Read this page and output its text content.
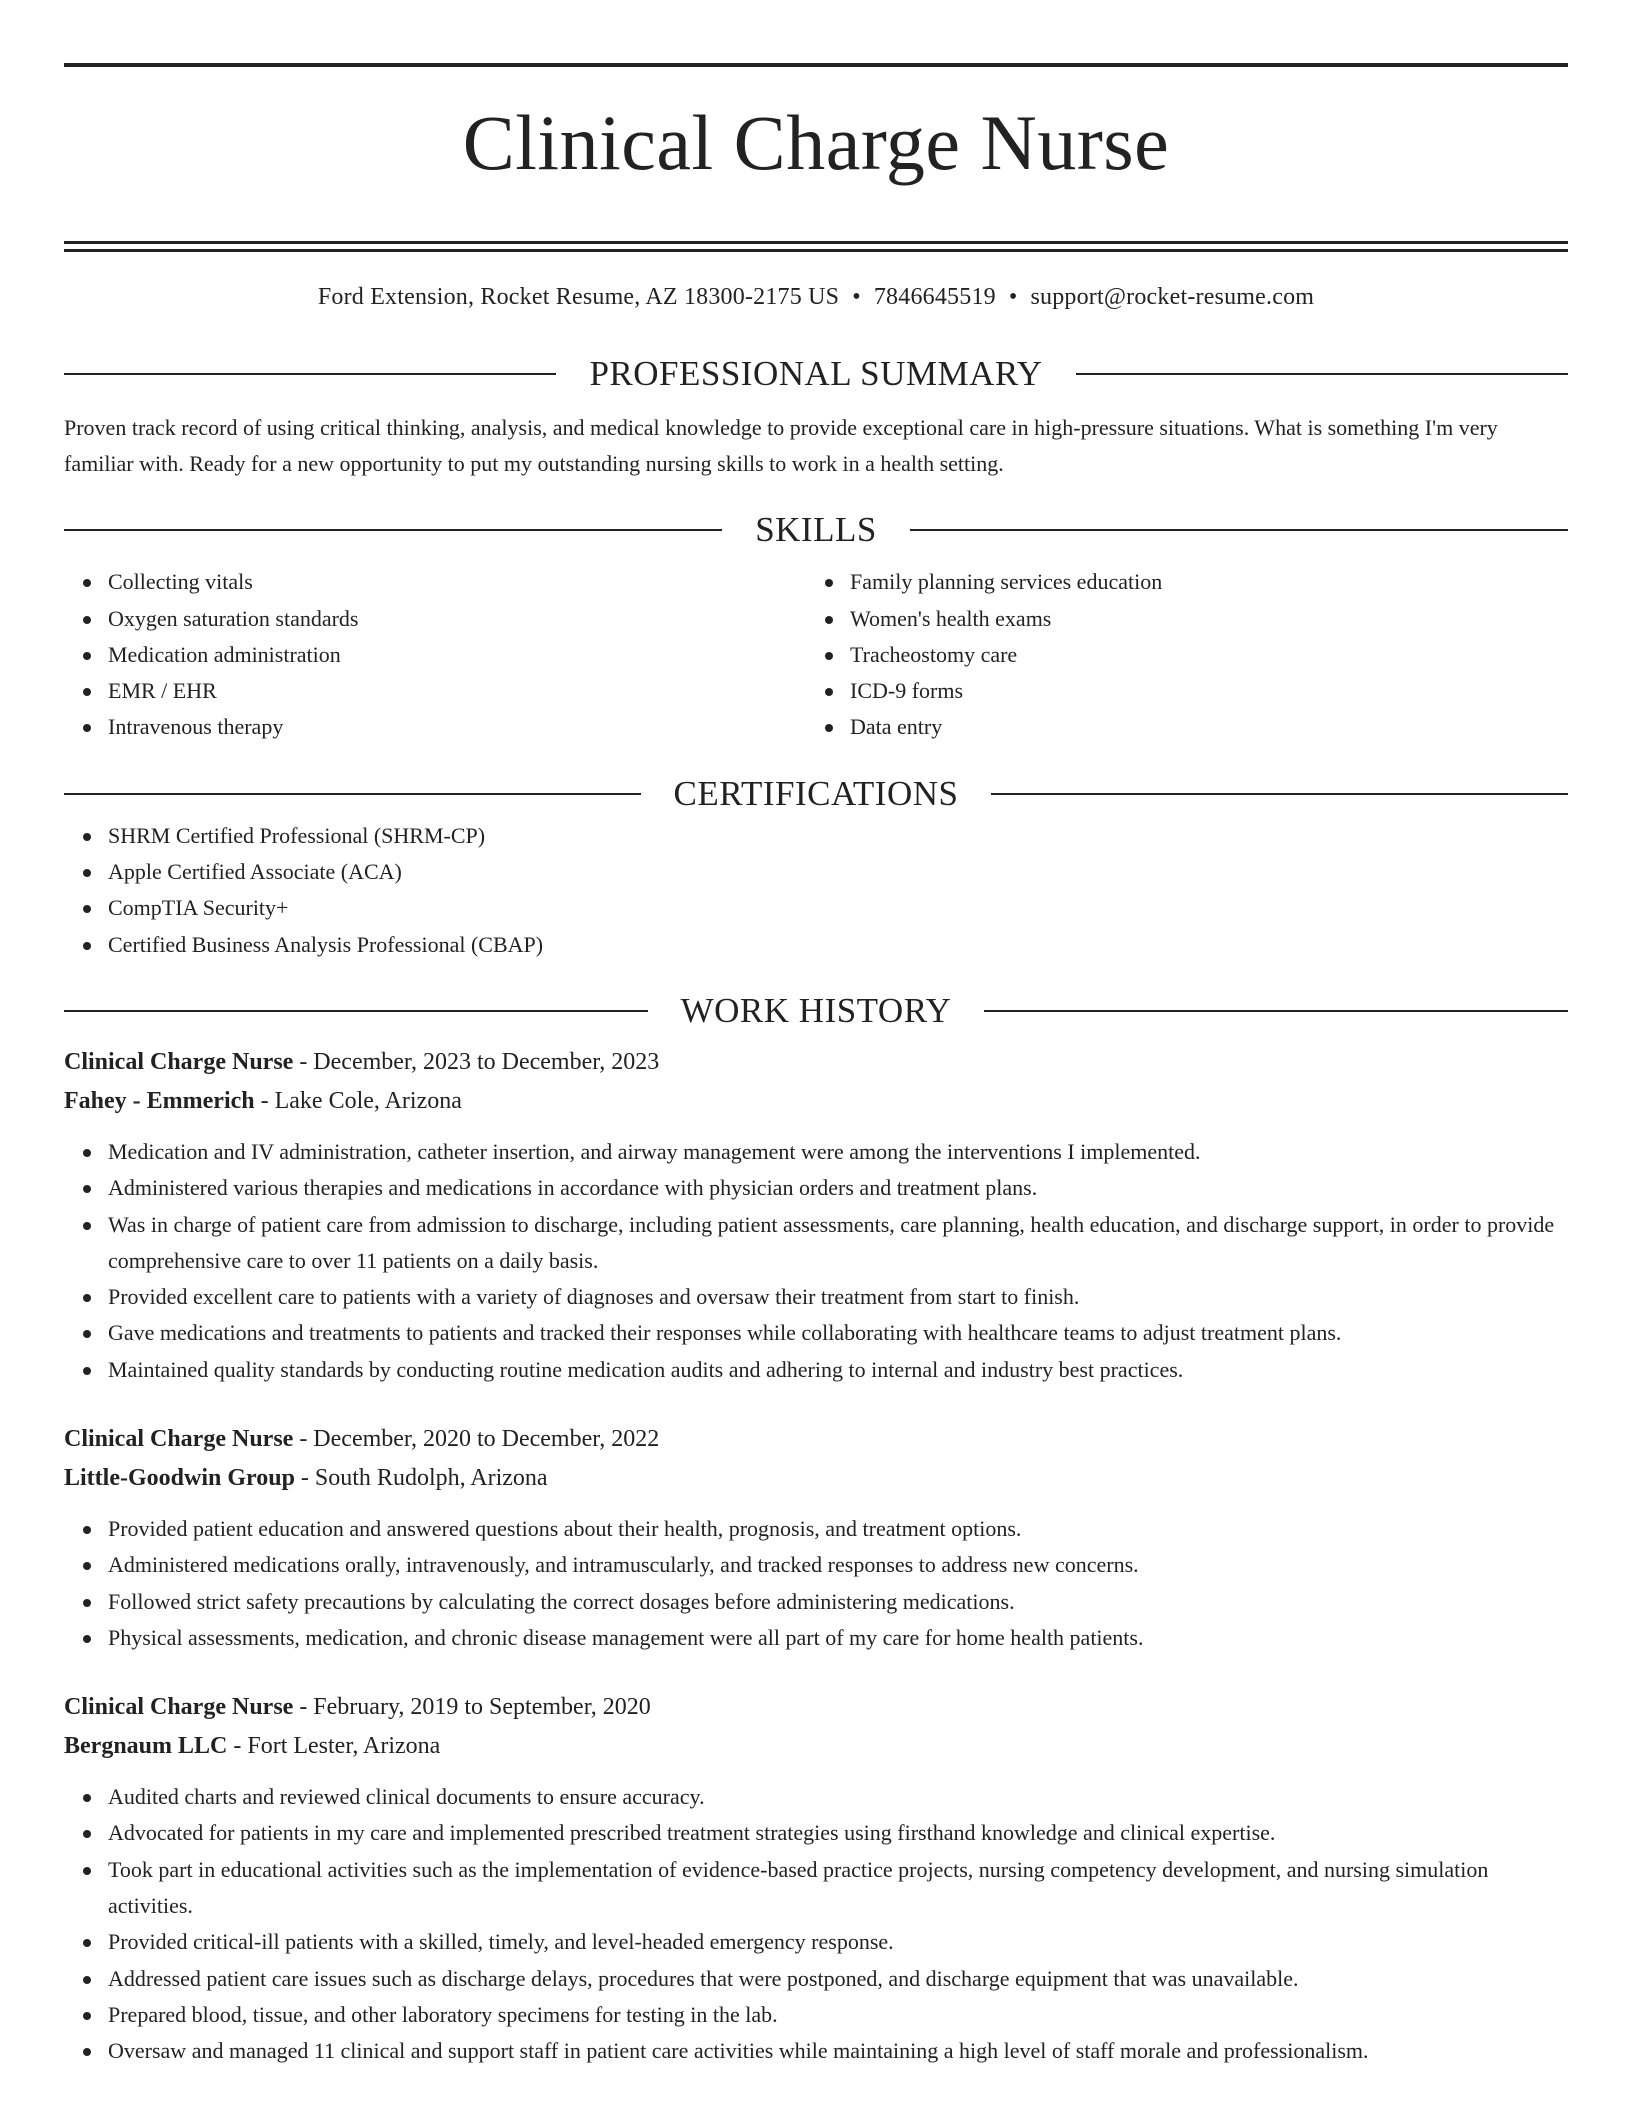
Clinical Charge Nurse
Ford Extension, Rocket Resume, AZ 18300-2175 US • 7846645519 • support@rocket-resume.com
PROFESSIONAL SUMMARY

Proven track record of using critical thinking, analysis, and medical knowledge to provide exceptional care in high-pressure situations. What is something I'm very familiar with. Ready for a new opportunity to put my outstanding nursing skills to work in a health setting.

SKILLS
Collecting vitals
Oxygen saturation standards
Medication administration
EMR / EHR
Intravenous therapy
Family planning services education
Women's health exams
Tracheostomy care
ICD-9 forms
Data entry
CERTIFICATIONS
SHRM Certified Professional (SHRM-CP)
Apple Certified Associate (ACA)
CompTIA Security+
Certified Business Analysis Professional (CBAP)
WORK HISTORY
Clinical Charge Nurse - December, 2023 to December, 2023
Fahey - Emmerich - Lake Cole, Arizona
Medication and IV administration, catheter insertion, and airway management were among the interventions I implemented.
Administered various therapies and medications in accordance with physician orders and treatment plans.
Was in charge of patient care from admission to discharge, including patient assessments, care planning, health education, and discharge support, in order to provide comprehensive care to over 11 patients on a daily basis.
Provided excellent care to patients with a variety of diagnoses and oversaw their treatment from start to finish.
Gave medications and treatments to patients and tracked their responses while collaborating with healthcare teams to adjust treatment plans.
Maintained quality standards by conducting routine medication audits and adhering to internal and industry best practices.
Clinical Charge Nurse - December, 2020 to December, 2022
Little-Goodwin Group - South Rudolph, Arizona
Provided patient education and answered questions about their health, prognosis, and treatment options.
Administered medications orally, intravenously, and intramuscularly, and tracked responses to address new concerns.
Followed strict safety precautions by calculating the correct dosages before administering medications.
Physical assessments, medication, and chronic disease management were all part of my care for home health patients.
Clinical Charge Nurse - February, 2019 to September, 2020
Bergnaum LLC - Fort Lester, Arizona
Audited charts and reviewed clinical documents to ensure accuracy.
Advocated for patients in my care and implemented prescribed treatment strategies using firsthand knowledge and clinical expertise.
Took part in educational activities such as the implementation of evidence-based practice projects, nursing competency development, and nursing simulation activities.
Provided critical-ill patients with a skilled, timely, and level-headed emergency response.
Addressed patient care issues such as discharge delays, procedures that were postponed, and discharge equipment that was unavailable.
Prepared blood, tissue, and other laboratory specimens for testing in the lab.
Oversaw and managed 11 clinical and support staff in patient care activities while maintaining a high level of staff morale and professionalism.
